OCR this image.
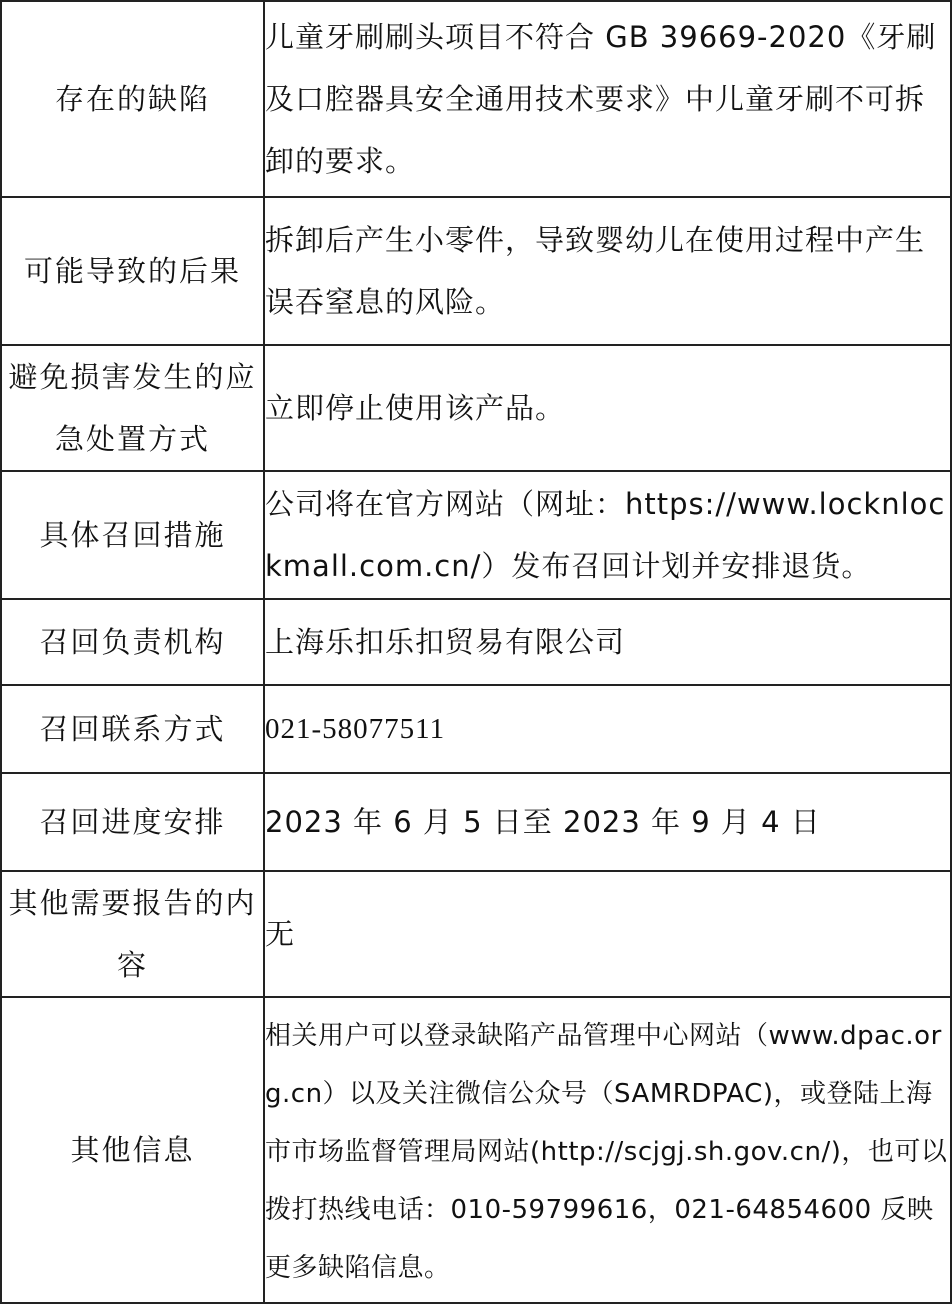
存在的缺陷	儿童牙刷刷头项目不符合 GB 39669-2020《牙刷及口腔器具安全通用技术要求》中儿童牙刷不可拆卸的要求。
可能导致的后果	拆卸后产生小零件，导致婴幼儿在使用过程中产生误吞窒息的风险。
避免损害发生的应急处置方式	立即停止使用该产品。
具体召回措施	公司将在官方网站（网址：https://www.locknlockmall.com.cn/）发布召回计划并安排退货。
召回负责机构	上海乐扣乐扣贸易有限公司
召回联系方式	021-58077511
召回进度安排	2023 年 6 月 5 日至 2023 年 9 月 4 日
其他需要报告的内容	无
其他信息	相关用户可以登录缺陷产品管理中心网站（www.dpac.org.cn）以及关注微信公众号（SAMRDPAC)，或登陆上海市市场监督管理局网站(http://scjgj.sh.gov.cn/)，也可以拨打热线电话：010-59799616，021-64854600 反映更多缺陷信息。
